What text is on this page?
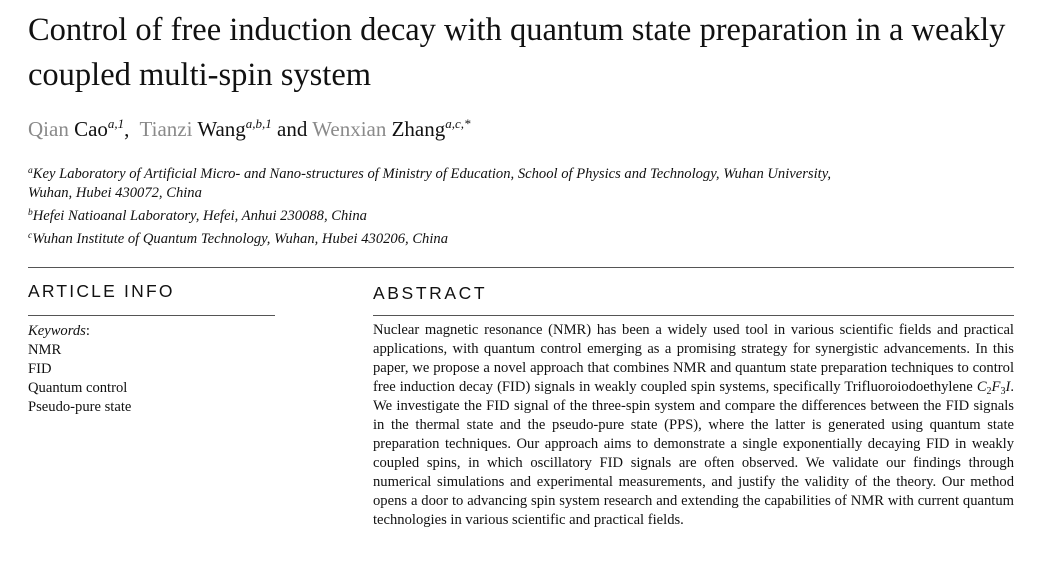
Control of free induction decay with quantum state preparation in a weakly coupled multi-spin system
Qian Cao$^{a,1}$,  Tianzi Wang$^{a,b,1}$ and Wenxian Zhang$^{a,c,*}$

$^a$Key Laboratory of Artificial Micro- and Nano-structures of Ministry of Education, School of Physics and Technology, Wuhan University, Wuhan, Hubei 430072, China

$^b$Hefei Natioanal Laboratory, Hefei, Anhui 230088, China

$^c$Wuhan Institute of Quantum Technology, Wuhan, Hubei 430206, China

ARTICLE INFO
Keywords:
NMR
FID
Quantum control
Pseudo-pure state
ABSTRACT

Nuclear magnetic resonance (NMR) has been a widely used tool in various scientific fields and practical applications, with quantum control emerging as a promising strategy for synergistic advancements. In this paper, we propose a novel approach that combines NMR and quantum state preparation techniques to control free induction decay (FID) signals in weakly coupled spin systems, specifically Trifluoroiodoethylene $C_2F_3I$. We investigate the FID signal of the three-spin system and compare the differences between the FID signals in the thermal state and the pseudo-pure state (PPS), where the latter is generated using quantum state preparation techniques. Our approach aims to demonstrate a single exponentially decaying FID in weakly coupled spins, in which oscillatory FID signals are often observed. We validate our findings through numerical simulations and experimental measurements, and justify the validity of the theory. Our method opens a door to advancing spin system research and extending the capabilities of NMR with current quantum technologies in various scientific and practical fields.
